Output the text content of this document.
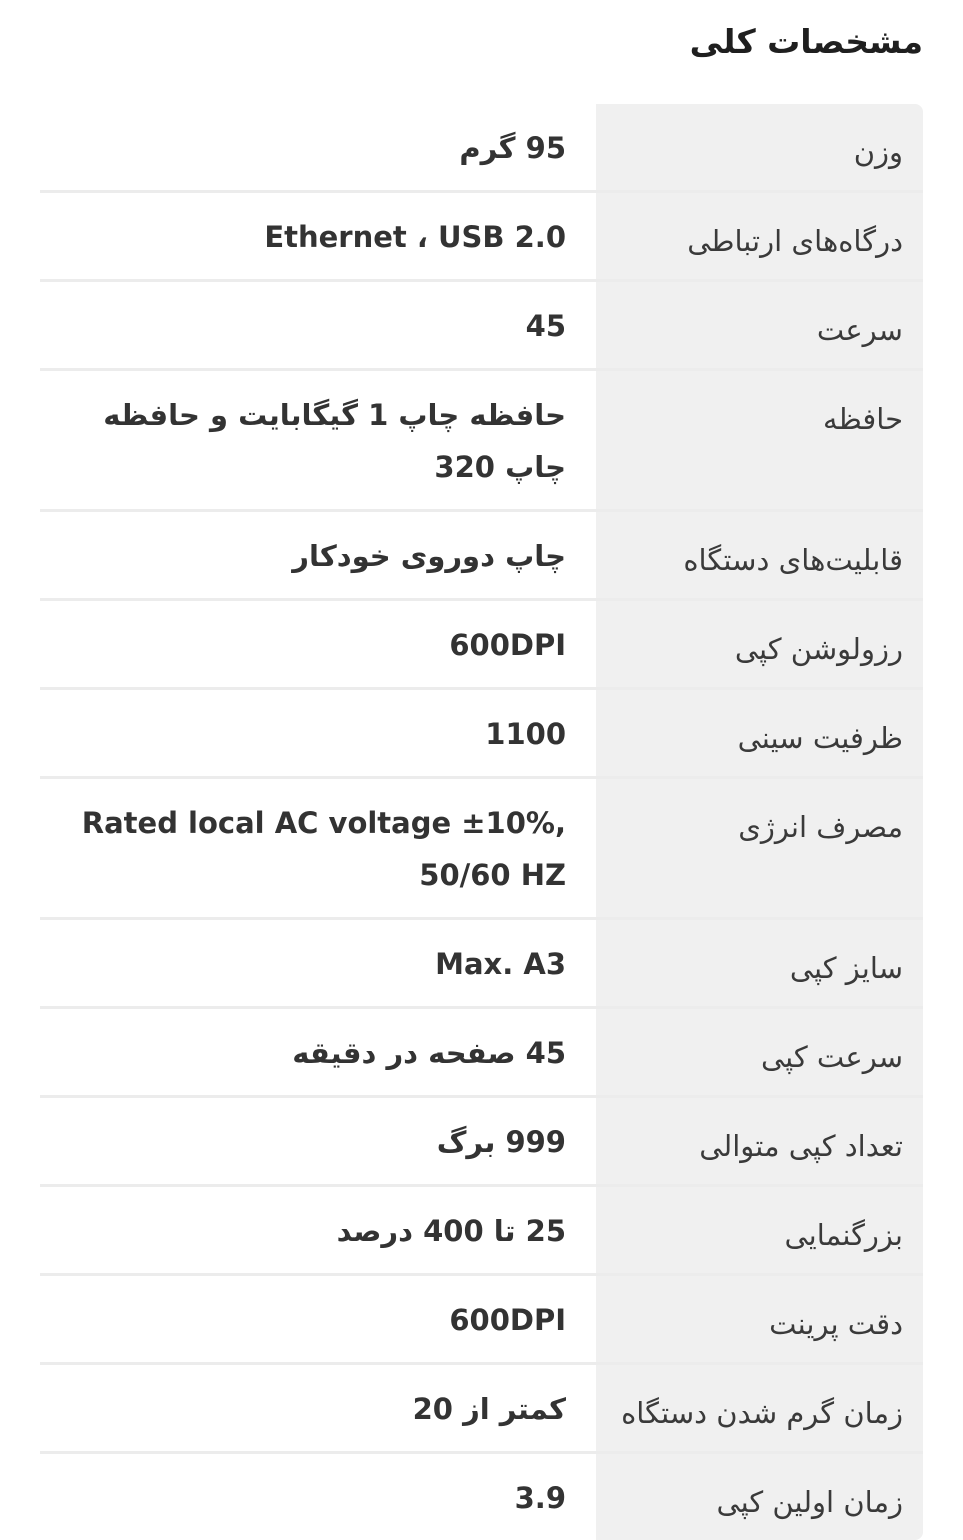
مشخصات کلی
وزن
95 گرم
درگاه‌های ارتباطی
Ethernet ، USB 2.0
سرعت
45
حافظه
حافظه چاپ 1 گیگابایت و حافظه چاپ 320
قابلیت‌های دستگاه
چاپ دوروی خودکار
رزولوشن کپی
600DPI
ظرفیت سینی
1100
مصرف انرژی
Rated local AC voltage ±10%, 50/60 HZ
سایز کپی
Max. A3
سرعت کپی
45 صفحه در دقیقه
تعداد کپی متوالی
999 برگ
بزرگنمایی
25 تا 400 درصد
دقت پرینت
600DPI
زمان گرم شدن دستگاه
کمتر از 20
زمان اولین کپی
3.9
